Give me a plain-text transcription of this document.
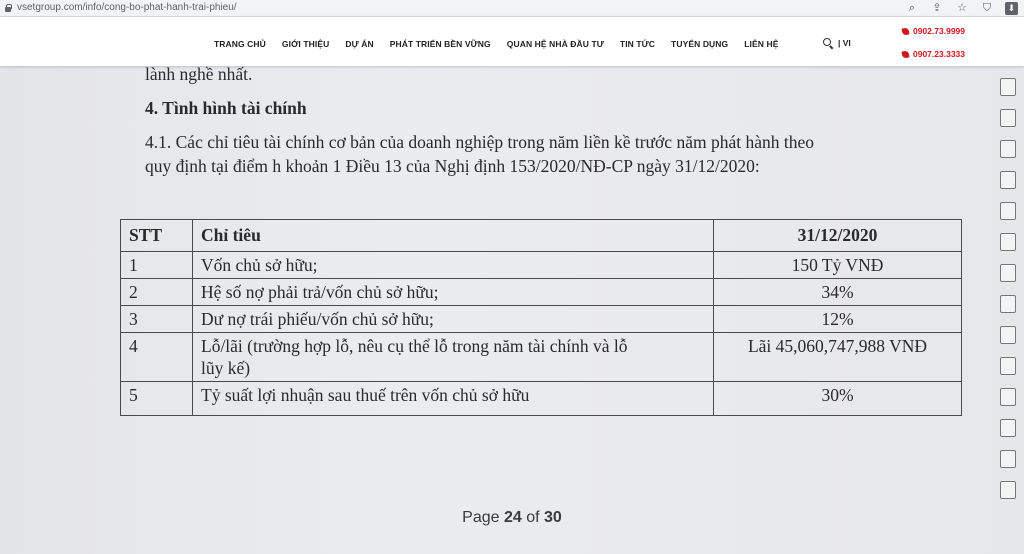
vsetgroup.com/info/cong-bo-phat-hanh-trai-phieu/	⌕	⇪ ☆ ⛉	⬇
TRANG CHỦ GIỚI THIỆU DỰ ÁN PHÁT TRIỂN BỀN VỮNG QUAN HỆ NHÀ ĐẦU TƯ TIN TỨC TUYỂN DỤNG LIÊN HỆ	| VI
0902.73.9999
0907.23.3333
lành nghề nhất.
4. Tình hình tài chính
4.1. Các chỉ tiêu tài chính cơ bản của doanh nghiệp trong năm liền kề trước năm phát hành theo
quy định tại điểm h khoản 1 Điều 13 của Nghị định 153/2020/NĐ-CP ngày 31/12/2020:
STT	Chỉ tiêu	31/12/2020
1	Vốn chủ sở hữu;	150 Tỷ VNĐ
2	Hệ số nợ phải trả/vốn chủ sở hữu;	34%
3	Dư nợ trái phiếu/vốn chủ sở hữu;	12%
4	Lỗ/lãi (trường hợp lỗ, nêu cụ thể lỗ trong năm tài chính và lỗ
lũy kế)	Lãi 45,060,747,988 VNĐ
5	Tỷ suất lợi nhuận sau thuế trên vốn chủ sở hữu	30%
Page 24 of 30
